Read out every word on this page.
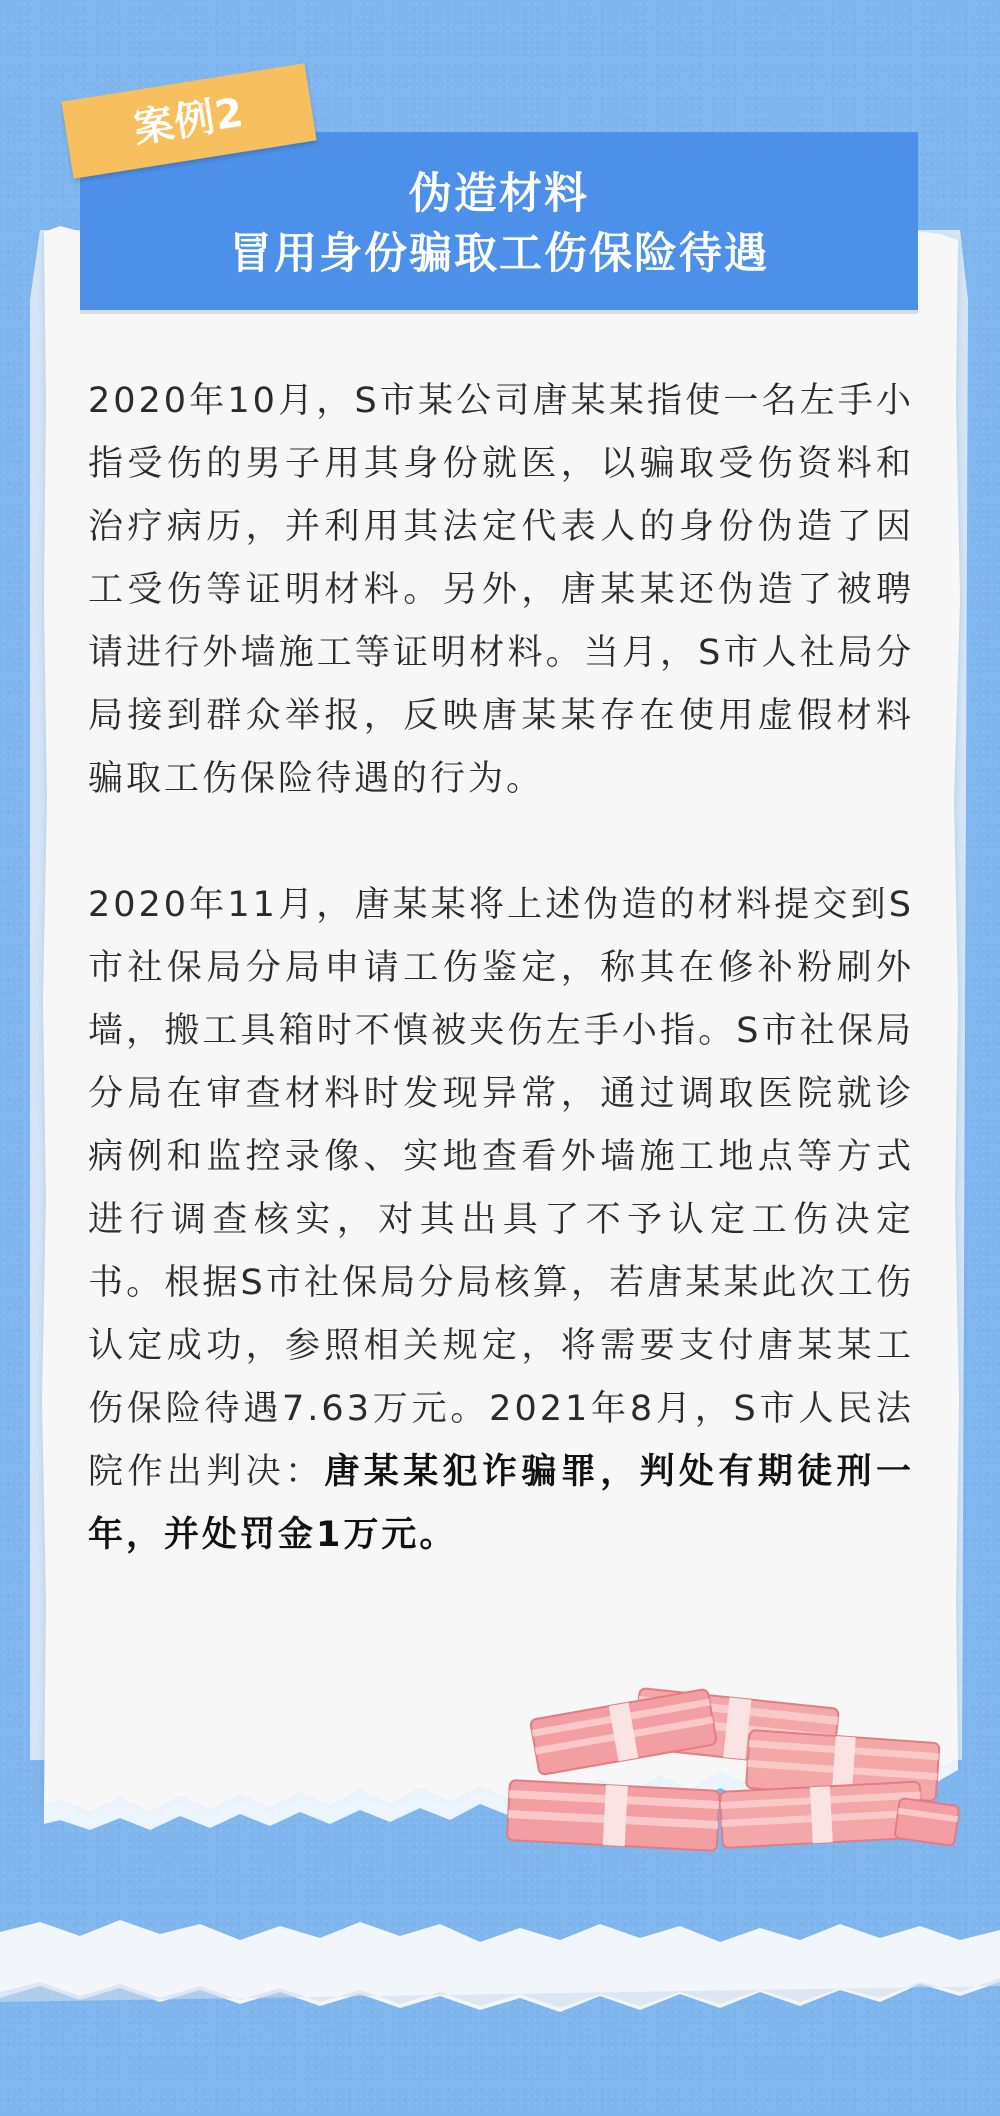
伪造材料
冒用身份骗取工伤保险待遇
案例2

2020年10月，S市某公司唐某某指使一名左手小指受伤的男子用其身份就医，以骗取受伤资料和治疗病历，并利用其法定代表人的身份伪造了因工受伤等证明材料。另外，唐某某还伪造了被聘请进行外墙施工等证明材料。当月，S市人社局分局接到群众举报，反映唐某某存在使用虚假材料骗取工伤保险待遇的行为。

2020年11月，唐某某将上述伪造的材料提交到S市社保局分局申请工伤鉴定，称其在修补粉刷外墙，搬工具箱时不慎被夹伤左手小指。S市社保局分局在审查材料时发现异常，通过调取医院就诊病例和监控录像、实地查看外墙施工地点等方式进行调查核实，对其出具了不予认定工伤决定书。根据S市社保局分局核算，若唐某某此次工伤认定成功，参照相关规定，将需要支付唐某某工伤保险待遇7.63万元。2021年8月，S市人民法院作出判决：唐某某犯诈骗罪，判处有期徒刑一年，并处罚金1万元。
